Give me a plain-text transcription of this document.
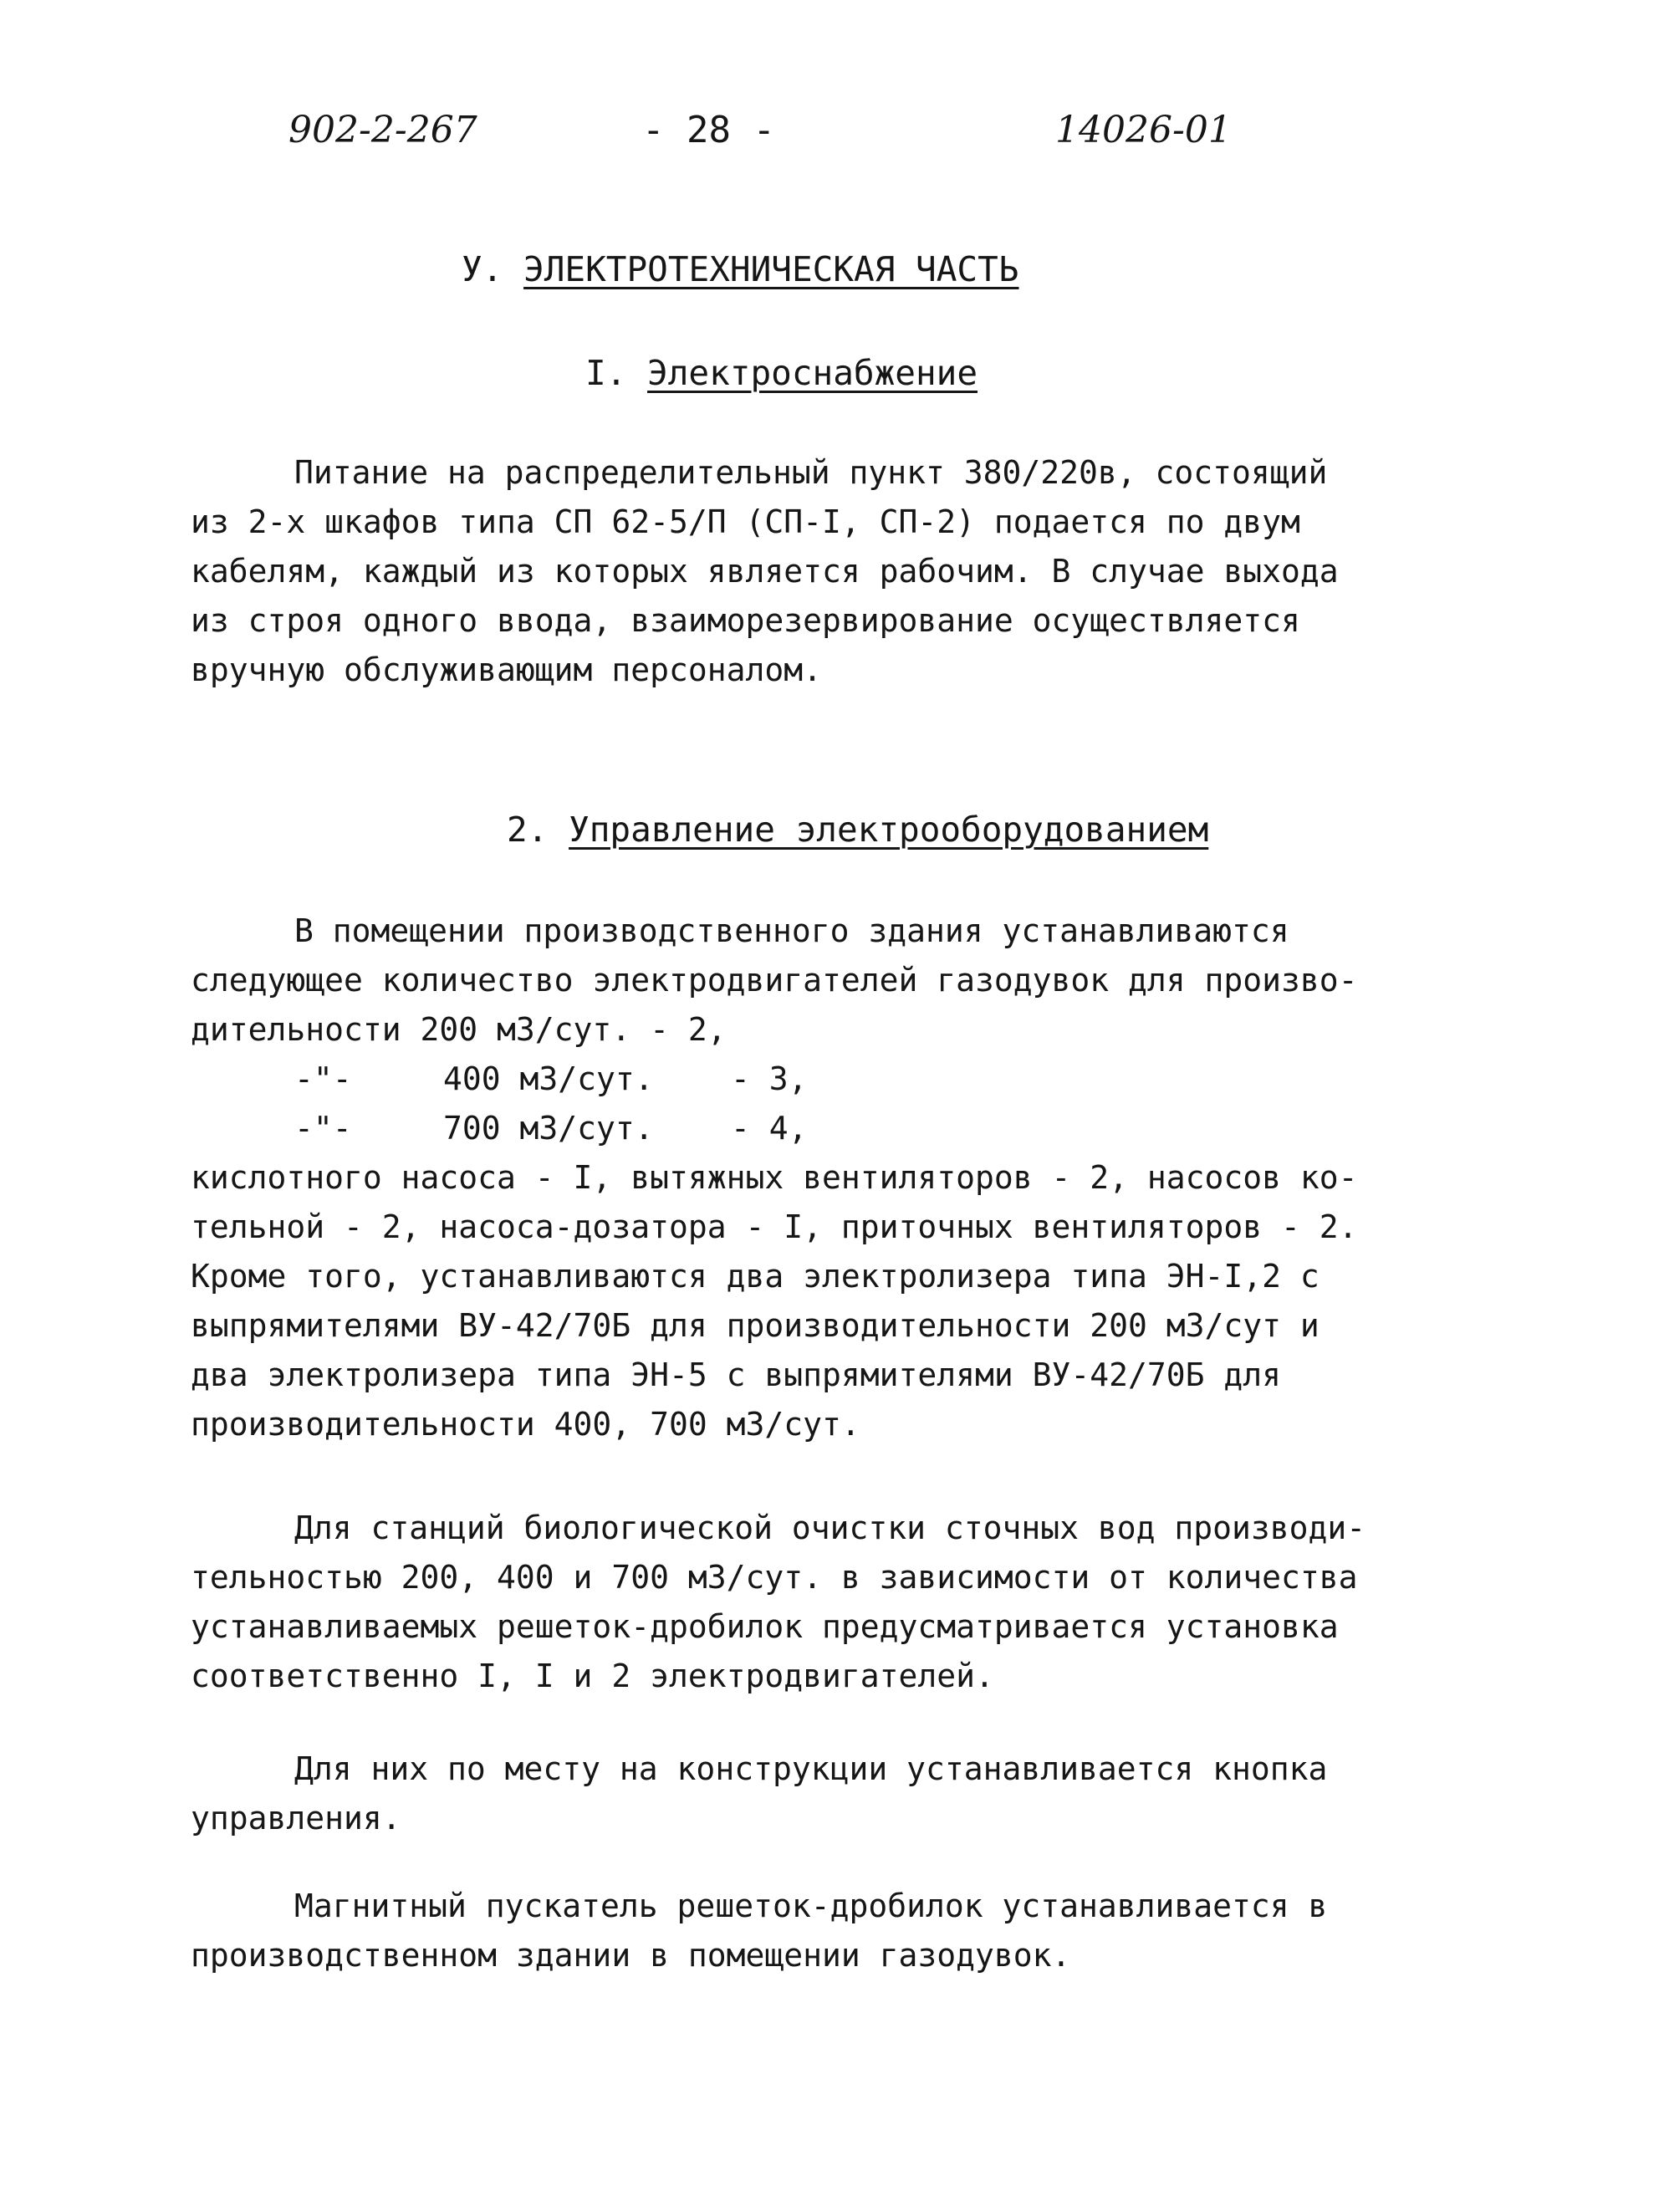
902-2-267	- 28 -	14026-01
У. ЭЛЕКТРОТЕХНИЧЕСКАЯ ЧАСТЬ
I. Электроснабжение
Питание на распределительный пункт 380/220в, состоящий
из 2-х шкафов типа СП 62-5/П (СП-I, СП-2) подается по двум
кабелям, каждый из которых является рабочим. В случае выхода
из строя одного ввода, взаиморезервирование осуществляется
вручную обслуживающим персоналом.
2. Управление электрооборудованием
В помещении производственного здания устанавливаются
следующее количество электродвигателей газодувок для произво-
дительности 200 м3/сут. - 2,
-"-	400 м3/сут. - 3,
-"-	700 м3/сут. - 4,
кислотного насоса - I, вытяжных вентиляторов - 2, насосов ко-
тельной - 2, насоса-дозатора - I, приточных вентиляторов - 2.
Кроме того, устанавливаются два электролизера типа ЭН-I,2 с
выпрямителями ВУ-42/70Б для производительности 200 м3/сут и
два электролизера типа ЭН-5 с выпрямителями ВУ-42/70Б для
производительности 400, 700 м3/сут.
Для станций биологической очистки сточных вод производи-
тельностью 200, 400 и 700 м3/сут. в зависимости от количества
устанавливаемых решеток-дробилок предусматривается установка
соответственно I, I и 2 электродвигателей.
Для них по месту на конструкции устанавливается кнопка
управления.
Магнитный пускатель решеток-дробилок устанавливается в
производственном здании в помещении газодувок.
